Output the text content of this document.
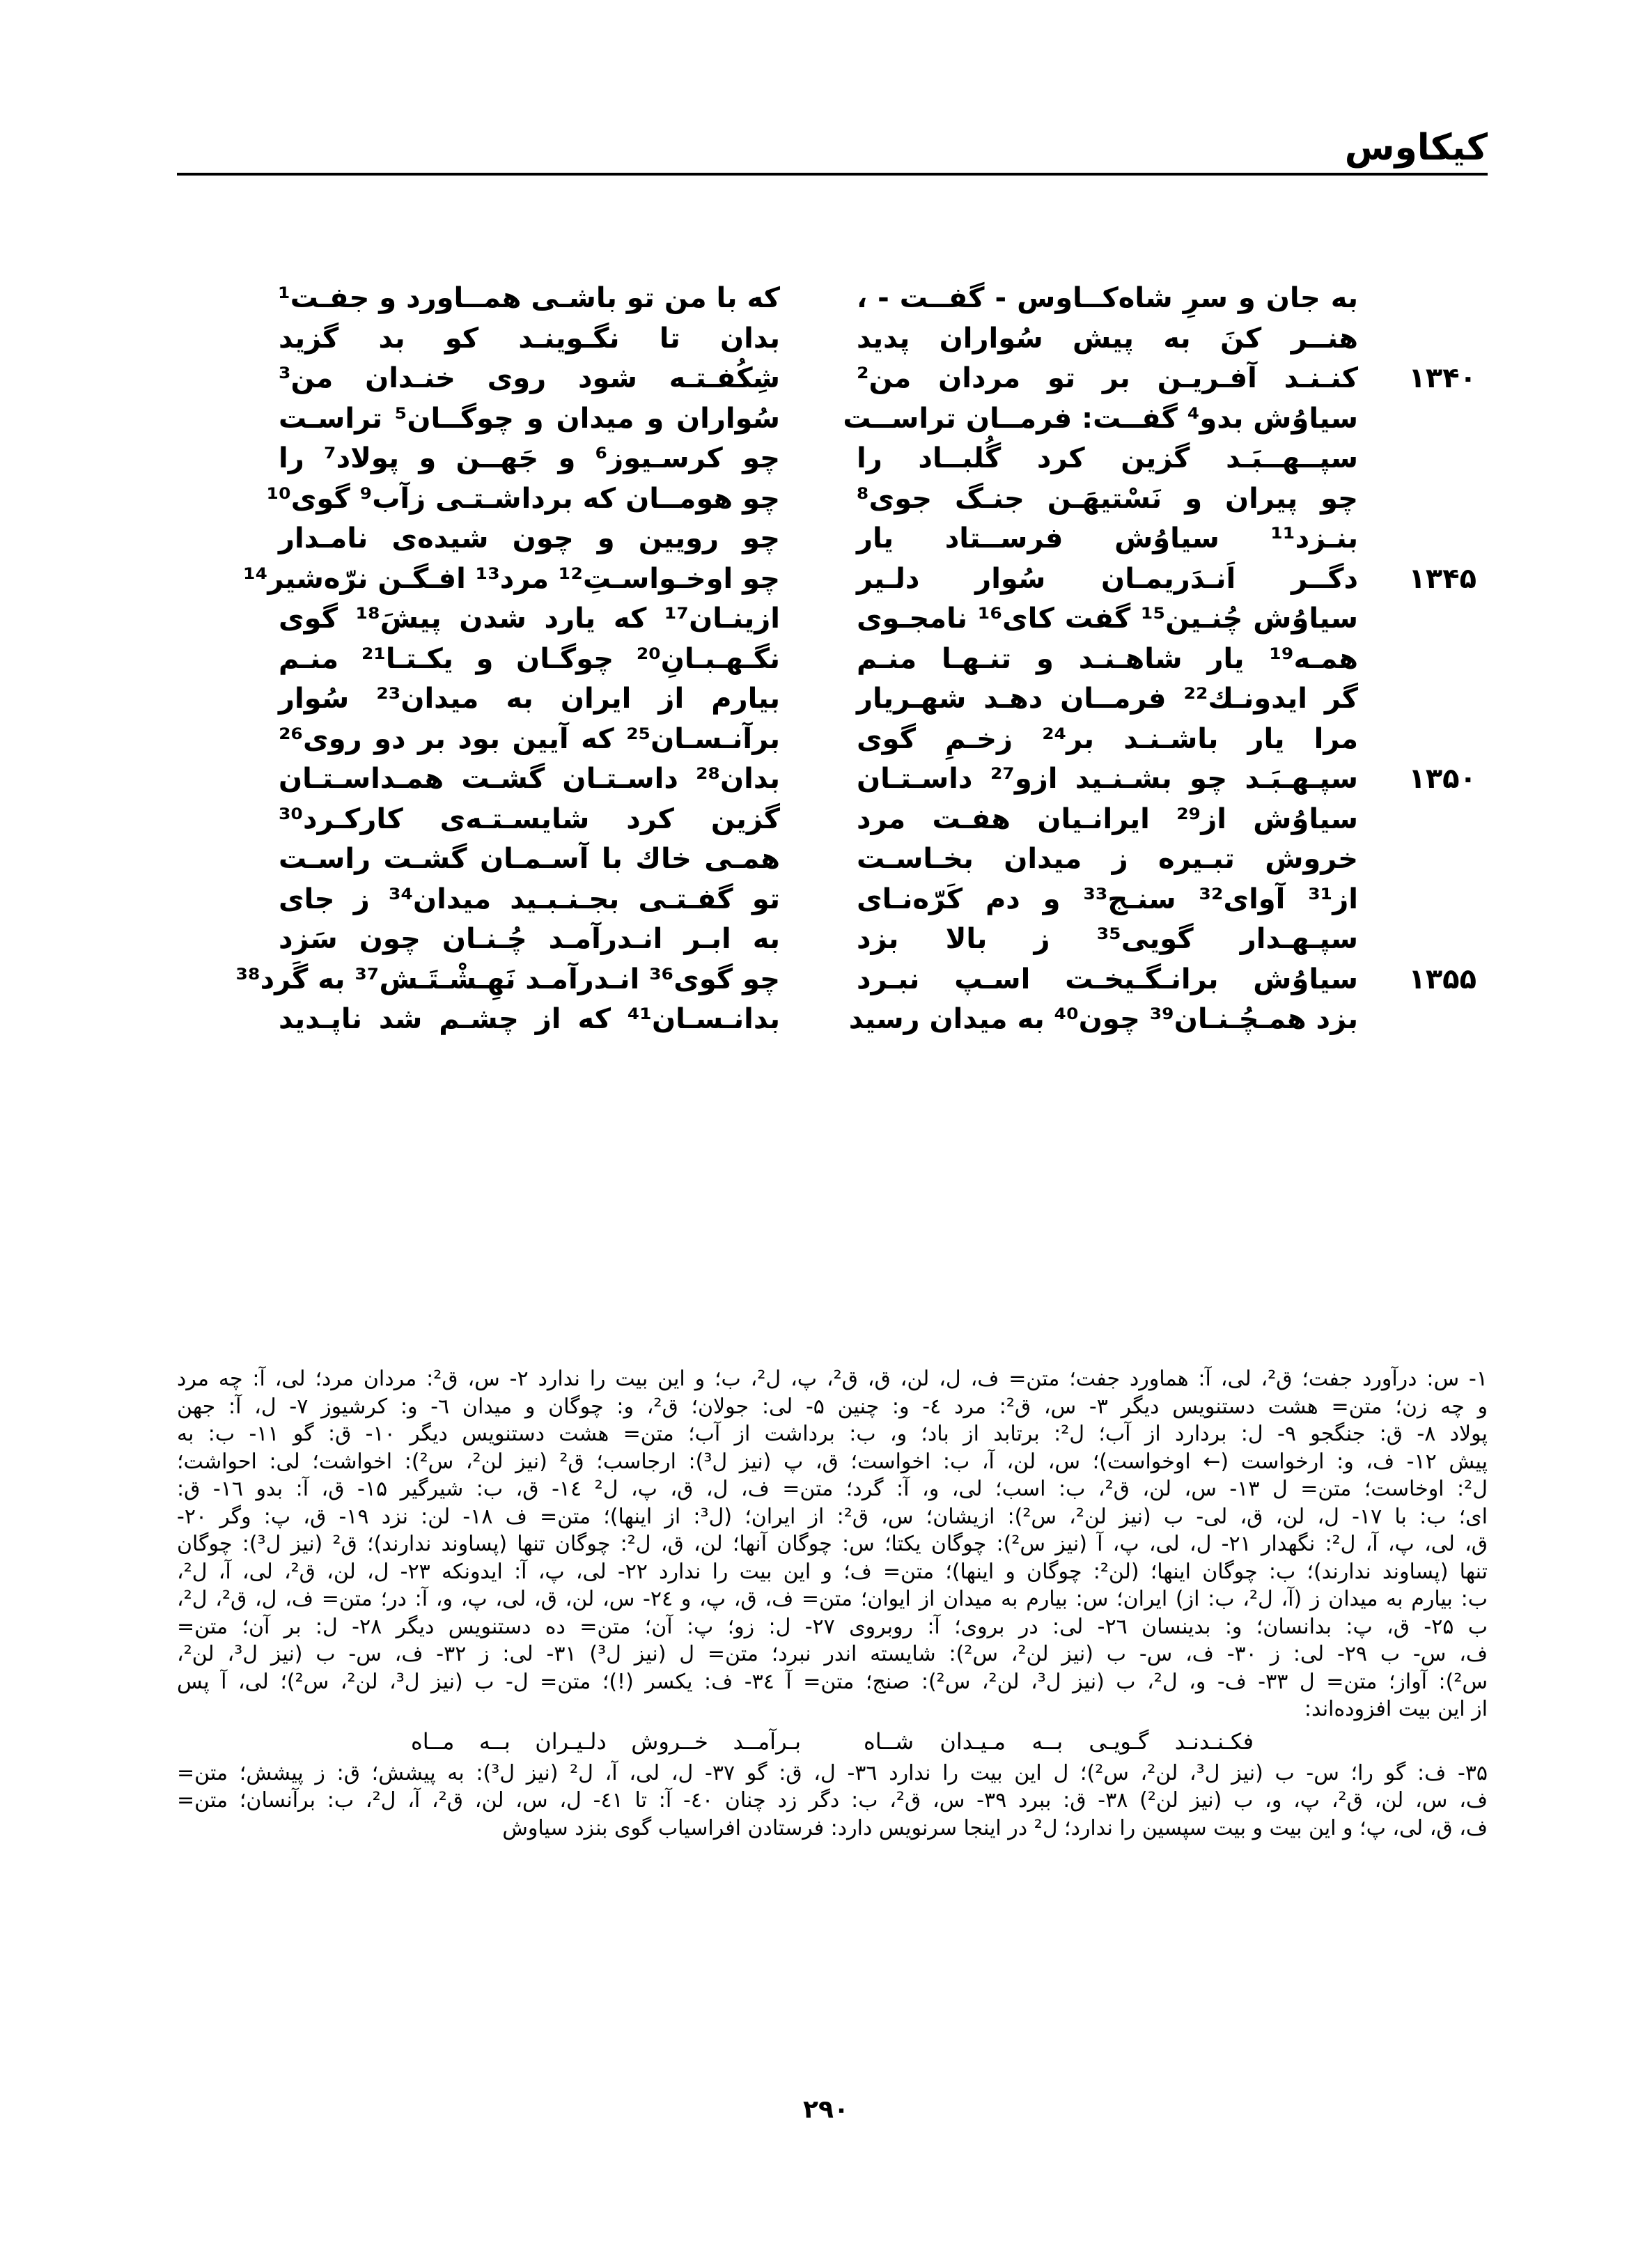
کیکاوس
به جان و سرِ شاه‌کــاوس - گفــت - ،
هنــر کنَ به پیش سُواران پدید
۱۳۴۰
کنـنـد آفـریـن بر تو مردان من²
سیاوُش بدو⁴ گفــت: فرمــان تراســت
سپــهــبَـد گزین کرد گُلبــاد را
چو پیران و نَسْتیهَـن جنـگ جوی⁸
بنـزد¹¹ سیاوُش فرســتاد یار
۱۳۴۵
دگــر اَنـدَریمـان سُوار دلـیر
سیاوُش چُنـین¹⁵ گفت کای¹⁶ نامجـوی
همـه¹⁹ یار شاهـنـد و تنـهـا منـم
گر ایدونـك²² فرمــان دهـد شهـریار
مرا یار باشـنـد بر²⁴ زخـمِ گوی
۱۳۵۰
سپـهـبَـد چو بشـنـید ازو²⁷ داسـتـان
سیاوُش از²⁹ ایرانـیان هفـت مرد
خروش تبـیره ز میدان بخـاسـت
از³¹ آوای³² سنـج³³ و دم کَرّه‌نـای
سپـهـدار گویی³⁵ ز بالا بزد
۱۳۵۵
سیاوُش برانـگـیخـت اسـپ نبـرد
بزد همـچُـنـان³⁹ چون⁴⁰ به میدان رسید
که با من تو باشـی همــاورد و جفـت¹
بدان تا نگـوینـد کو بد گزید
شِکُفـتـه شود روی خنـدان من³
سُواران و میدان و چوگــان⁵ تراسـت
چو کرسـیوز⁶ و جَهــن و پولاد⁷ را
چو هومــان که برداشـتـی زآب⁹ گوی¹⁰
چو رویین و چون شیده‌ی نامـدار
چو اوخـواسـتِ¹² مرد¹³ افـگـن نرّه‌شیر¹⁴
ازینـان¹⁷ که یارد شدن پیشَ¹⁸ گوی
نگـهـبـانِ²⁰ چوگـان و یکـتـا²¹ منـم
بیارم از ایران به میدان²³ سُوار
برآنـسـان²⁵ که آیین بود بر دو روی²⁶
بدان²⁸ داسـتـان گشـت همـداسـتـان
گزین کرد شایسـتـه‌ی کارکـرد³⁰
همـی خاك با آسـمـان گشـت راسـت
تو گفـتـی بجـنـبـید میدان³⁴ ز جای
به ابـر انـدرآمـد چُـنـان چون سَزد
چو گوی³⁶ انـدرآمـد نَهِـشْـتَـش³⁷ به گَرد³⁸
بدانـسـان⁴¹ که از چشـم شد ناپـدید
۱- س: درآورد جفت؛ ق²، لی، آ: هماورد جفت؛ متن= ف، ل، لن، ق، ق²، پ، ل²، ب؛ و این بیت را ندارد ۲- س، ق²: مردان مرد؛ لی، آ: چه مرد
و چه زن؛ متن= هشت دستنویس دیگر ۳- س، ق²: مرد ٤- و: چنین ۵- لی: جولان؛ ق²، و: چوگان و میدان ٦- و: کرشیوز ۷- ل، آ: جهن
پولاد ۸- ق: جنگجو ۹- ل: بردارد از آب؛ ل²: برتابد از باد؛ و، ب: برداشت از آب؛ متن= هشت دستنویس دیگر ۱۰- ق: گو ۱۱- ب: به
پیش ۱۲- ف، و: ارخواست (← اوخواست)؛ س، لن، آ، ب: اخواست؛ ق، پ (نیز ل³): ارجاسب؛ ق² (نیز لن²، س²): اخواشت؛ لی: احواشت؛
ل²: اوخاست؛ متن= ل ۱۳- س، لن، ق²، ب: اسب؛ لی، و، آ: گرد؛ متن= ف، ل، ق، پ، ل² ١٤- ق، ب: شیرگیر ۱۵- ق، آ: بدو ۱٦- ق:
ای؛ ب: با ۱۷- ل، لن، ق، لی- ب (نیز لن²، س²): ازیشان؛ س، ق²: از ایران؛ (ل³: از اینها)؛ متن= ف ۱۸- لن: نزد ۱۹- ق، پ: وگر ۲۰-
ق، لی، پ، آ، ل²: نگهدار ۲۱- ل، لی، پ، آ (نیز س²): چوگان یکتا؛ س: چوگان آنها؛ لن، ق، ل²: چوگان تنها (پساوند ندارند)؛ ق² (نیز ل³): چوگان
تنها (پساوند ندارند)؛ ب: چوگان اینها؛ (لن²: چوگان و اینها)؛ متن= ف؛ و این بیت را ندارد ۲۲- لی، پ، آ: ایدونکه ۲۳- ل، لن، ق²، لی، آ، ل²،
ب: بیارم به میدان ز (آ، ل²، ب: از) ایران؛ س: بیارم به میدان از ایوان؛ متن= ف، ق، پ، و ۲٤- س، لن، ق، لی، پ، و، آ: در؛ متن= ف، ل، ق²، ل²،
ب ۲۵- ق، پ: بدانسان؛ و: بدینسان ۲٦- لی: در بروی؛ آ: روبروی ۲۷- ل: زو؛ پ: آن؛ متن= ده دستنویس دیگر ۲۸- ل: بر آن؛ متن=
ف، س- ب ۲۹- لی: ز ۳۰- ف، س- ب (نیز لن²، س²): شایسته اندر نبرد؛ متن= ل (نیز ل³) ۳۱- لی: ز ۳۲- ف، س- ب (نیز ل³، لن²،
س²): آواز؛ متن= ل ۳۳- ف- و، ل²، ب (نیز ل³، لن²، س²): صنج؛ متن= آ ۳٤- ف: یکسر (!)؛ متن= ل- ب (نیز ل³، لن²، س²)؛ لی، آ پس
از این بیت افزوده‌اند:
فکـنـدنـد گـویـی بــه مـیـدان شــاه
بـرآمــد خــروش دلـیـران بــه مــاه
۳۵- ف: گو را؛ س- ب (نیز ل³، لن²، س²)؛ ل این بیت را ندارد ۳٦- ل، ق: گو ۳۷- ل، لی، آ، ل² (نیز ل³): به پیشش؛ ق: ز پیشش؛ متن=
ف، س، لن، ق²، پ، و، ب (نیز لن²) ۳۸- ق: ببرد ۳۹- س، ق²، ب: دگر زد چنان ٤۰- آ: تا ٤۱- ل، س، لن، ق²، آ، ل²، ب: برآنسان؛ متن=
ف، ق، لی، پ؛ و این بیت و بیت سپسین را ندارد؛ ل² در اینجا سرنویس دارد: فرستادن افراسیاب گوی بنزد سیاوش
۲۹۰
